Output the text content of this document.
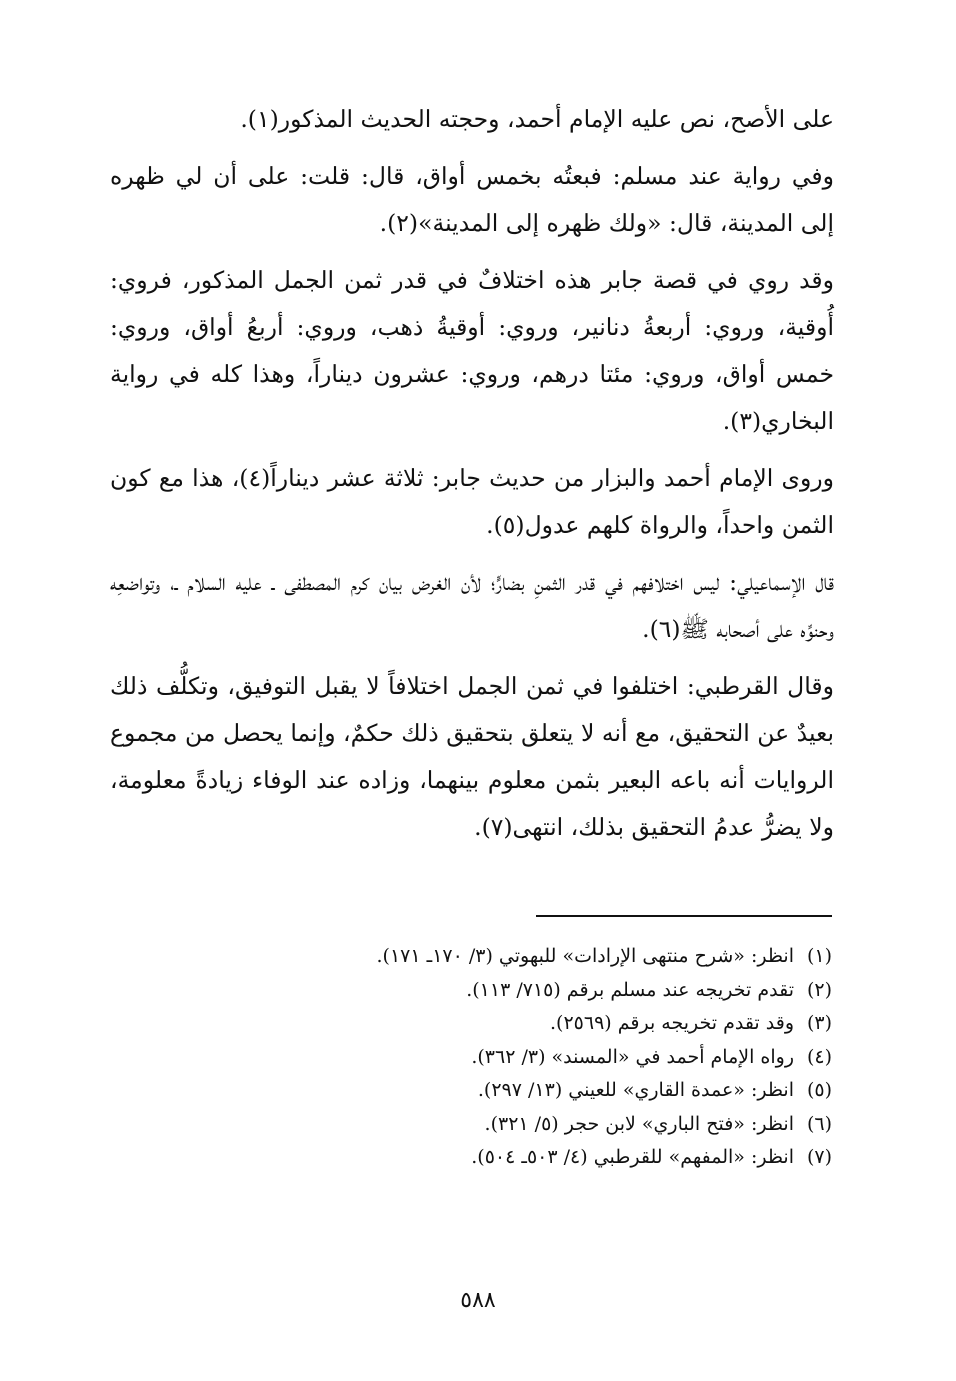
على الأصح، نص عليه الإمام أحمد، وحجته الحديث المذكور(١).

وفي رواية عند مسلم: فبعتُه بخمس أواق، قال: قلت: على أن لي ظهره إلى المدينة، قال: «ولك ظهره إلى المدينة»(٢).

وقد روي في قصة جابر هذه اختلافٌ في قدر ثمن الجمل المذكور، فروي: أُوقية، وروي: أربعةُ دنانير، وروي: أوقيةُ ذهب، وروي: أربعُ أواق، وروي: خمس أواق، وروي: مئتا درهم، وروي: عشرون ديناراً، وهذا كله في رواية البخاري(٣).

وروى الإمام أحمد والبزار من حديث جابر: ثلاثة عشر ديناراً(٤)، هذا مع كون الثمن واحداً، والرواة كلهم عدول(٥).

قال الإسماعيلي: ليس اختلافهم في قدر الثمنِ بضارٍّ؛ لأن الغرض بيان كرم المصطفى ـ عليه السلام ـ، وتواضعِه وحنوِّه على أصحابه ﷺ(٦).

وقال القرطبي: اختلفوا في ثمن الجمل اختلافاً لا يقبل التوفيق، وتكلُّف ذلك بعيدٌ عن التحقيق، مع أنه لا يتعلق بتحقيق ذلك حكمٌ، وإنما يحصل من مجموع الروايات أنه باعه البعير بثمن معلوم بينهما، وزاده عند الوفاء زيادةً معلومة، ولا يضرُّ عدمُ التحقيق بذلك، انتهى(٧).

(١)
انظر: «شرح منتهى الإرادات» للبهوتي (٣/ ١٧٠ـ ١٧١).
(٢)
تقدم تخريجه عند مسلم برقم (٧١٥/ ١١٣).
(٣)
وقد تقدم تخريجه برقم (٢٥٦٩).
(٤)
رواه الإمام أحمد في «المسند» (٣/ ٣٦٢).
(٥)
انظر: «عمدة القاري» للعيني (١٣/ ٢٩٧).
(٦)
انظر: «فتح الباري» لابن حجر (٥/ ٣٢١).
(٧)
انظر: «المفهم» للقرطبي (٤/ ٥٠٣ـ ٥٠٤).
٥٨٨
